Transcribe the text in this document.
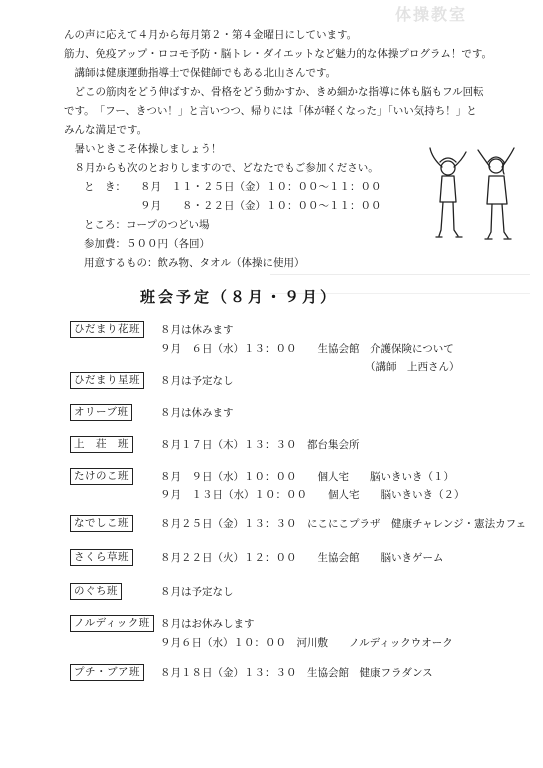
体操教室
んの声に応えて４月から毎月第２・第４金曜日にしています。
筋力、免疫アップ・ロコモ予防・脳トレ・ダイエットなど魅力的な体操プログラム！です。
　講師は健康運動指導士で保健師でもある北山さんです。
　どこの筋肉をどう伸ばすか、骨格をどう動かすか、きめ細かな指導に体も脳もフル回転
です。　「フー、きつい！」と言いつつ、帰りには「体が軽くなった」「いい気持ち！」と
みんな満足です。
　暑いときこそ体操しましょう！
　８月からも次のとおりしますので、どなたでもご参加ください。
と　き： ８月　１１・２５日（金）１０：００～１１：００
９月　　８・２２日（金）１０：００～１１：００
ところ：コープのつどい場
参加費：５００円（各回）
用意するもの：飲み物、タオル（体操に使用）
班会予定（８月・９月）
ひだまり花班	８月は休みます
９月　６日（水）１３：００　　生協会館　介護保険について
（講師　上西さん）
ひだまり星班	８月は予定なし
オリーブ班	８月は休みます
上　荘　班	８月１７日（木）１３：３０　都台集会所
たけのこ班	８月　９日（水）１０：００　　個人宅　　脳いきいき（１）
９月　１３日（水）１０：００　　個人宅　　脳いきいき（２）
なでしこ班	８月２５日（金）１３：３０　にこにこプラザ　健康チャレンジ・憲法カフェ
さくら草班	８月２２日（火）１２：００　　生協会館　　脳いきゲーム
のぐち班	８月は予定なし
ノルディック班 ８月はお休みします
９月６日（水）１０：００　河川敷　　ノルディックウオーク
プチ・ブア班	８月１８日（金）１３：３０　生協会館　健康フラダンス
